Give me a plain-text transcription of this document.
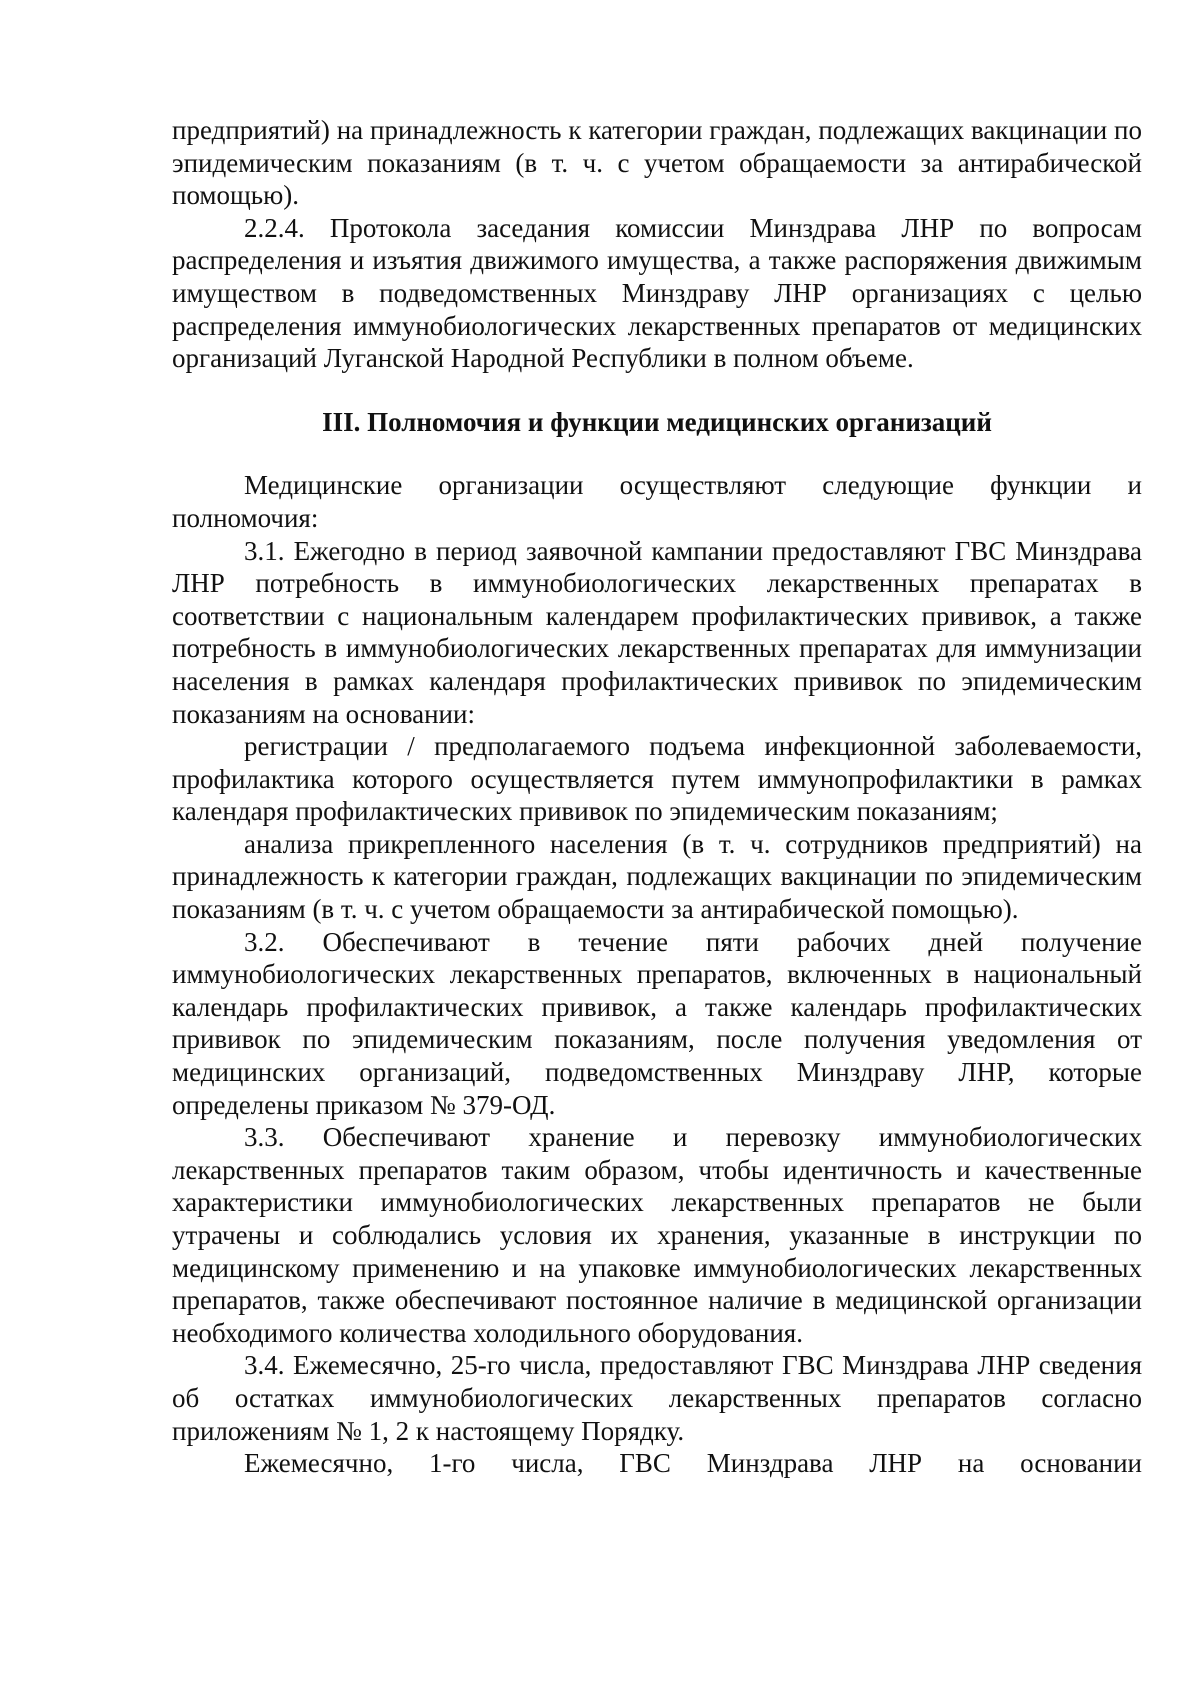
предприятий) на принадлежность к категории граждан, подлежащих вакцинации по эпидемическим показаниям (в т. ч. с учетом обращаемости за антирабической помощью).

2.2.4. Протокола заседания комиссии Минздрава ЛНР по вопросам распределения и изъятия движимого имущества, а также распоряжения движимым имуществом в подведомственных Минздраву ЛНР организациях с целью распределения иммунобиологических лекарственных препаратов от медицинских организаций Луганской Народной Республики в полном объеме.

III. Полномочия и функции медицинских организаций

Медицинские организации осуществляют следующие функции и полномочия:

3.1. Ежегодно в период заявочной кампании предоставляют ГВС Минздрава ЛНР потребность в иммунобиологических лекарственных препаратах в соответствии с национальным календарем профилактических прививок, а также потребность в иммунобиологических лекарственных препаратах для иммунизации населения в рамках календаря профилактических прививок по эпидемическим показаниям на основании:

регистрации / предполагаемого подъема инфекционной заболеваемости, профилактика которого осуществляется путем иммунопрофилактики в рамках календаря профилактических прививок по эпидемическим показаниям;

анализа прикрепленного населения (в т. ч. сотрудников предприятий) на принадлежность к категории граждан, подлежащих вакцинации по эпидемическим показаниям (в т. ч. с учетом обращаемости за антирабической помощью).

3.2. Обеспечивают в течение пяти рабочих дней получение иммунобиологических лекарственных препаратов, включенных в национальный календарь профилактических прививок, а также календарь профилактических прививок по эпидемическим показаниям, после получения уведомления от медицинских организаций, подведомственных Минздраву ЛНР, которые определены приказом № 379-ОД.

3.3. Обеспечивают хранение и перевозку иммунобиологических лекарственных препаратов таким образом, чтобы идентичность и качественные характеристики иммунобиологических лекарственных препаратов не были утрачены и соблюдались условия их хранения, указанные в инструкции по медицинскому применению и на упаковке иммунобиологических лекарственных препаратов, также обеспечивают постоянное наличие в медицинской организации необходимого количества холодильного оборудования.

3.4. Ежемесячно, 25-го числа, предоставляют ГВС Минздрава ЛНР сведения об остатках иммунобиологических лекарственных препаратов согласно приложениям № 1, 2 к настоящему Порядку.

Ежемесячно, 1-го числа, ГВС Минздрава ЛНР на основании
